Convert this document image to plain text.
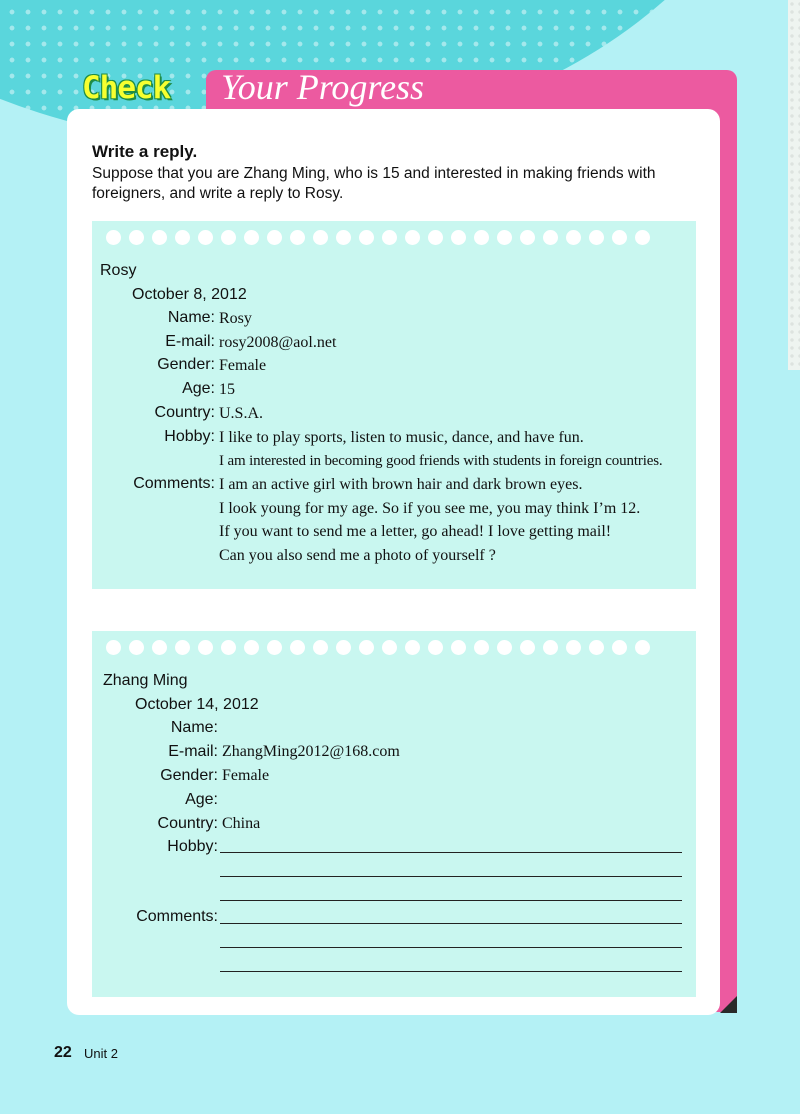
Check Your Progress
Write a reply.
Suppose that you are Zhang Ming, who is 15 and interested in making friends with foreigners, and write a reply to Rosy.
Rosy
October 8, 2012
Name: Rosy
E-mail: rosy2008@aol.net
Gender: Female
Age: 15
Country: U.S.A.
Hobby: I like to play sports, listen to music, dance, and have fun.
I am interested in becoming good friends with students in foreign countries.
Comments: I am an active girl with brown hair and dark brown eyes.
I look young for my age. So if you see me, you may think I’m 12.
If you want to send me a letter, go ahead! I love getting mail!
Can you also send me a photo of yourself ?
Zhang Ming
October 14, 2012
Name:
E-mail: ZhangMing2012@168.com
Gender: Female
Age:
Country: China
Hobby:
Comments:
22 Unit 2
